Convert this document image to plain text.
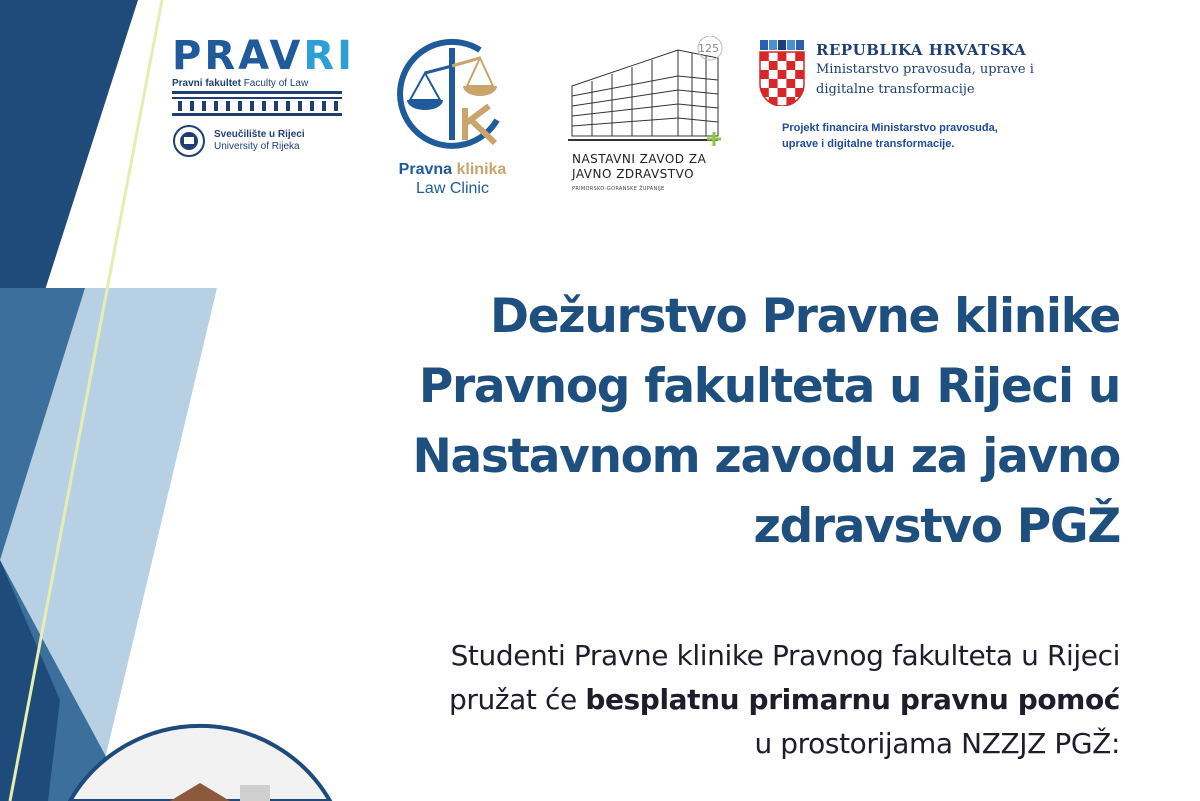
PRAVRI
Pravni fakultet Faculty of Law
Sveučilište u Rijeci
University of Rijeka
Pravna klinika
Law Clinic
125
NASTAVNI ZAVOD ZA
JAVNO ZDRAVSTVO
PRIMORSKO-GORANSKE ŽUPANIJE
REPUBLIKA HRVATSKA
Ministarstvo pravosuđa, uprave i
digitalne transformacije
Projekt financira Ministarstvo pravosuđa,
uprave i digitalne transformacije.
Dežurstvo Pravne klinike
Pravnog fakulteta u Rijeci u
Nastavnom zavodu za javno
zdravstvo PGŽ
Studenti Pravne klinike Pravnog fakulteta u Rijeci
pružat će besplatnu primarnu pravnu pomoć
u prostorijama NZZJZ PGŽ:
